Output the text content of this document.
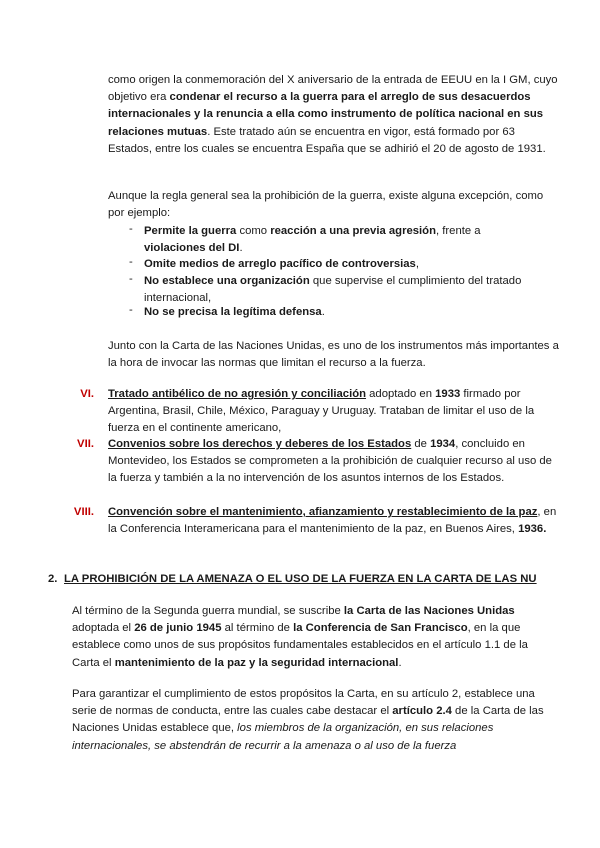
como origen la conmemoración del X aniversario de la entrada de EEUU en la I GM, cuyo objetivo era condenar el recurso a la guerra para el arreglo de sus desacuerdos internacionales y la renuncia a ella como instrumento de política nacional en sus relaciones mutuas. Este tratado aún se encuentra en vigor, está formado por 63 Estados, entre los cuales se encuentra España que se adhirió el 20 de agosto de 1931.
Aunque la regla general sea la prohibición de la guerra, existe alguna excepción, como por ejemplo:
- Permite la guerra como reacción a una previa agresión, frente a violaciones del DI.
- Omite medios de arreglo pacífico de controversias,
- No establece una organización que supervise el cumplimiento del tratado internacional,
- No se precisa la legítima defensa.
Junto con la Carta de las Naciones Unidas, es uno de los instrumentos más importantes a la hora de invocar las normas que limitan el recurso a la fuerza.
VI. Tratado antibélico de no agresión y conciliación adoptado en 1933 firmado por Argentina, Brasil, Chile, México, Paraguay y Uruguay. Trataban de limitar el uso de la fuerza en el continente americano,
VII. Convenios sobre los derechos y deberes de los Estados de 1934, concluido en Montevideo, los Estados se comprometen a la prohibición de cualquier recurso al uso de la fuerza y también a la no intervención de los asuntos internos de los Estados.
VIII. Convención sobre el mantenimiento, afianzamiento y restablecimiento de la paz, en la Conferencia Interamericana para el mantenimiento de la paz, en Buenos Aires, 1936.
2. LA PROHIBICIÓN DE LA AMENAZA O EL USO DE LA FUERZA EN LA CARTA DE LAS NU
Al término de la Segunda guerra mundial, se suscribe la Carta de las Naciones Unidas adoptada el 26 de junio 1945 al término de la Conferencia de San Francisco, en la que establece como unos de sus propósitos fundamentales establecidos en el artículo 1.1 de la Carta el mantenimiento de la paz y la seguridad internacional.
Para garantizar el cumplimiento de estos propósitos la Carta, en su artículo 2, establece una serie de normas de conducta, entre las cuales cabe destacar el artículo 2.4 de la Carta de las Naciones Unidas establece que, los miembros de la organización, en sus relaciones internacionales, se abstendrán de recurrir a la amenaza o al uso de la fuerza
